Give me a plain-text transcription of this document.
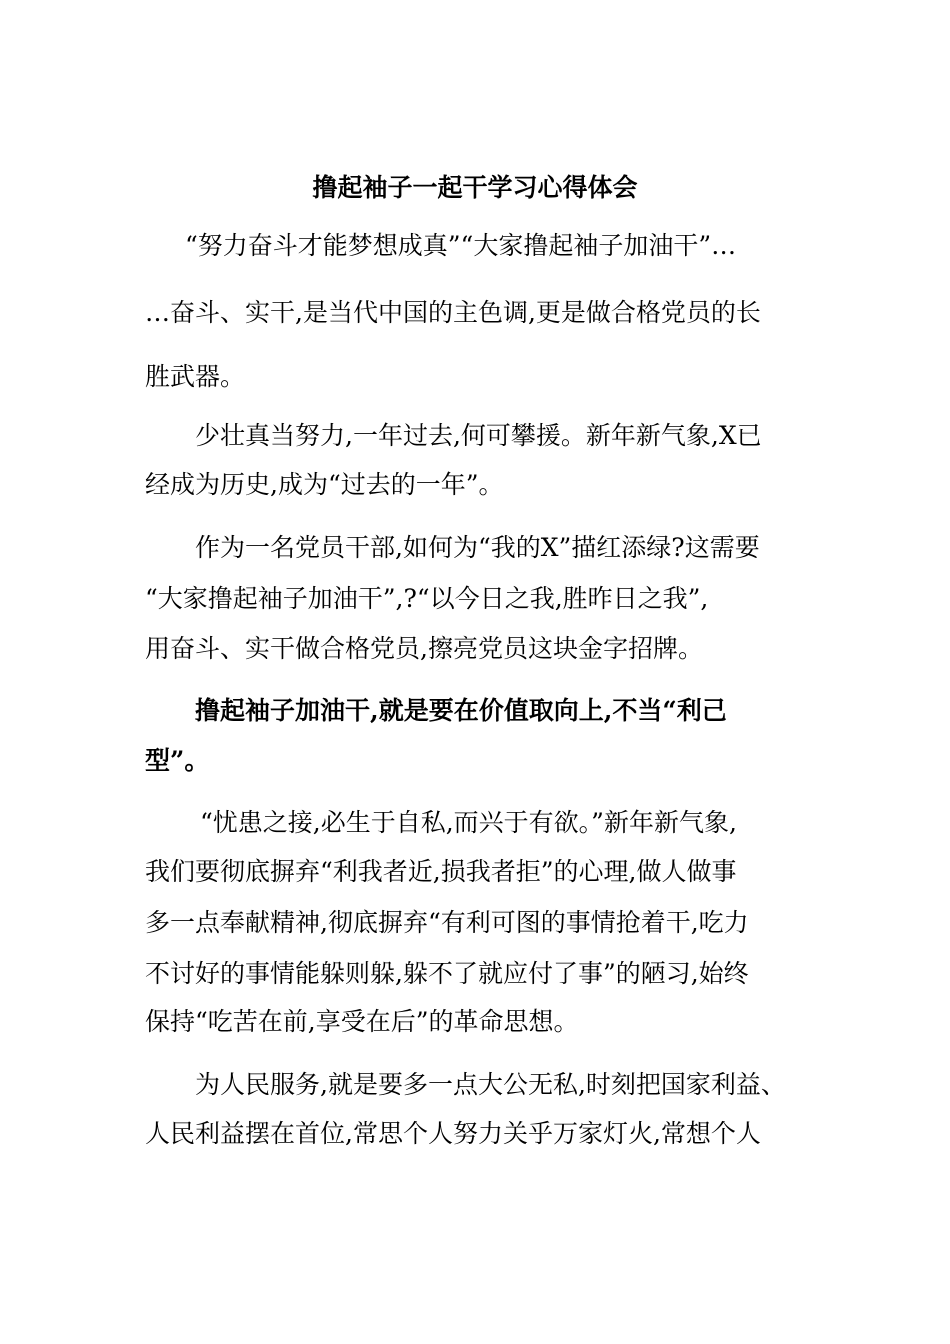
撸起袖子一起干学习心得体会

“努力奋斗才能梦想成真”“大家撸起袖子加油干”…

…奋斗、实干,是当代中国的主色调,更是做合格党员的长

胜武器。

少壮真当努力,一年过去,何可攀援。新年新气象,X已

经成为历史,成为“过去的一年”。

作为一名党员干部,如何为“我的X”描红添绿?这需要

“大家撸起袖子加油干”,?“以今日之我,胜昨日之我”,

用奋斗、实干做合格党员,擦亮党员这块金字招牌。

撸起袖子加油干,就是要在价值取向上,不当“利己

型”。

“忧患之接,必生于自私,而兴于有欲。”新年新气象,

我们要彻底摒弃“利我者近,损我者拒”的心理,做人做事

多一点奉献精神,彻底摒弃“有利可图的事情抢着干,吃力

不讨好的事情能躲则躲,躲不了就应付了事”的陋习,始终

保持“吃苦在前,享受在后”的革命思想。

为人民服务,就是要多一点大公无私,时刻把国家利益、

人民利益摆在首位,常思个人努力关乎万家灯火,常想个人
